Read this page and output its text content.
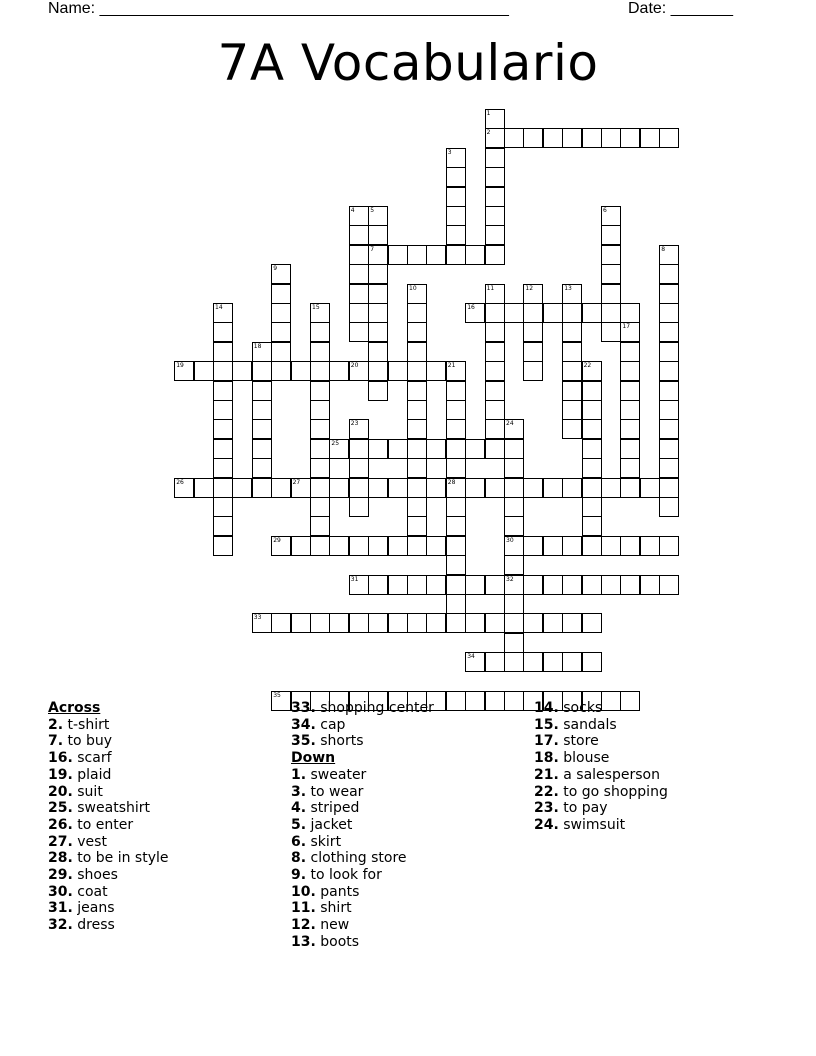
Name: ______________________________________________	Date: _______
7A Vocabulario
1
2
3
4	5
7
6
8
9
10	11	12	13
14	15	16
17
18
19	20	21
28
22
23	24
30
32
25
26	27
29
31
33
34
35
Across
2. t-shirt
7. to buy
16. scarf
19. plaid
20. suit
25. sweatshirt
26. to enter
27. vest
28. to be in style
29. shoes
30. coat
31. jeans
32. dress
33. shopping center
34. cap
35. shorts
Down
1. sweater
3. to wear
4. striped
5. jacket
6. skirt
8. clothing store
9. to look for
10. pants
11. shirt
12. new
13. boots
14. socks
15. sandals
17. store
18. blouse
21. a salesperson
22. to go shopping
23. to pay
24. swimsuit
